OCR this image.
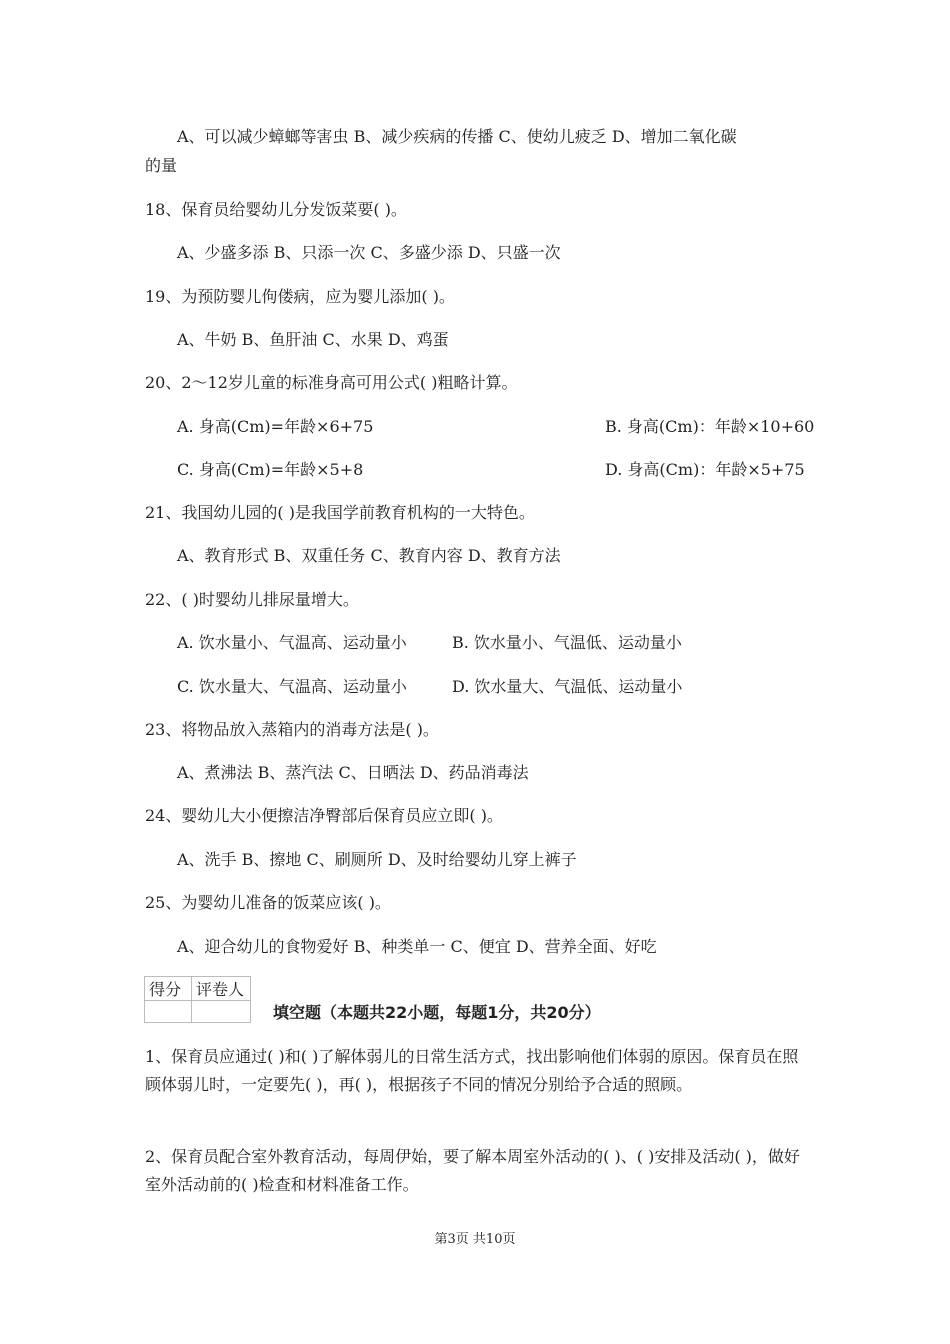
A、可以减少蟑螂等害虫 B、减少疾病的传播 C、使幼儿疲乏 D、增加二氧化碳
的量
18、保育员给婴幼儿分发饭菜要( )。
A、少盛多添 B、只添一次 C、多盛少添 D、只盛一次
19、为预防婴儿佝偻病，应为婴儿添加( )。
A、牛奶 B、鱼肝油 C、水果 D、鸡蛋
20、2～12岁儿童的标准身高可用公式( )粗略计算。
A. 身高(Cm)=年龄×6+75	B. 身高(Cm)：年龄×10+60
C. 身高(Cm)=年龄×5+8	D. 身高(Cm)：年龄×5+75
21、我国幼儿园的( )是我国学前教育机构的一大特色。
A、教育形式 B、双重任务 C、教育内容 D、教育方法
22、( )时婴幼儿排尿量增大。
A. 饮水量小、气温高、运动量小	B. 饮水量小、气温低、运动量小
C. 饮水量大、气温高、运动量小	D. 饮水量大、气温低、运动量小
23、将物品放入蒸箱内的消毒方法是( )。
A、煮沸法 B、蒸汽法 C、日晒法 D、药品消毒法
24、婴幼儿大小便擦洁净臀部后保育员应立即( )。
A、洗手 B、擦地 C、刷厕所 D、及时给婴幼儿穿上裤子
25、为婴幼儿准备的饭菜应该( )。
A、迎合幼儿的食物爱好 B、种类单一 C、便宜 D、营养全面、好吃
得分	评卷人

填空题（本题共22小题，每题1分，共20分）
1、保育员应通过( )和( )了解体弱儿的日常生活方式，找出影响他们体弱的原因。保育员在照顾体弱儿时，一定要先( )，再( )，根据孩子不同的情况分别给予合适的照顾。
2、保育员配合室外教育活动，每周伊始，要了解本周室外活动的( )、( )安排及活动( )，做好室外活动前的( )检查和材料准备工作。
第3页 共10页
